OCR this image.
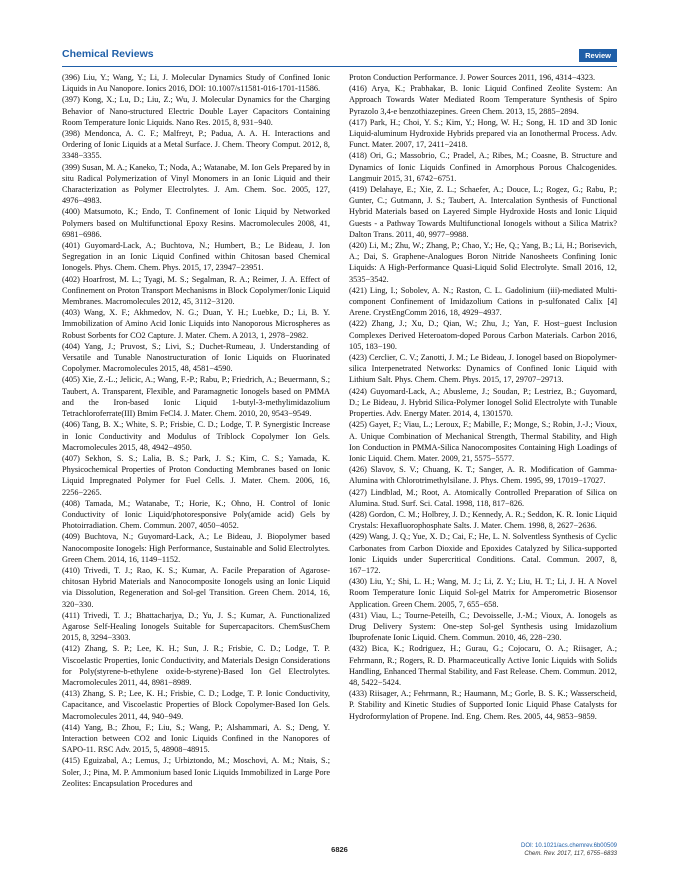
Chemical Reviews	Review

(396) Liu, Y.; Wang, Y.; Li, J. Molecular Dynamics Study of Confined Ionic Liquids in Au Nanopore. Ionics 2016, DOI: 10.1007/s11581-016-1701-11586.

(397) Kong, X.; Lu, D.; Liu, Z.; Wu, J. Molecular Dynamics for the Charging Behavior of Nano-structured Electric Double Layer Capacitors Containing Room Temperature Ionic Liquids. Nano Res. 2015, 8, 931−940.

(398) Mendonca, A. C. F.; Malfreyt, P.; Padua, A. A. H. Interactions and Ordering of Ionic Liquids at a Metal Surface. J. Chem. Theory Comput. 2012, 8, 3348−3355.

(399) Susan, M. A.; Kaneko, T.; Noda, A.; Watanabe, M. Ion Gels Prepared by in situ Radical Polymerization of Vinyl Monomers in an Ionic Liquid and their Characterization as Polymer Electrolytes. J. Am. Chem. Soc. 2005, 127, 4976−4983.

(400) Matsumoto, K.; Endo, T. Confinement of Ionic Liquid by Networked Polymers based on Multifunctional Epoxy Resins. Macromolecules 2008, 41, 6981−6986.

(401) Guyomard-Lack, A.; Buchtova, N.; Humbert, B.; Le Bideau, J. Ion Segregation in an Ionic Liquid Confined within Chitosan based Chemical Ionogels. Phys. Chem. Chem. Phys. 2015, 17, 23947−23951.

(402) Hoarfrost, M. L.; Tyagi, M. S.; Segalman, R. A.; Reimer, J. A. Effect of Confinement on Proton Transport Mechanisms in Block Copolymer/Ionic Liquid Membranes. Macromolecules 2012, 45, 3112−3120.

(403) Wang, X. F.; Akhmedov, N. G.; Duan, Y. H.; Luebke, D.; Li, B. Y. Immobilization of Amino Acid Ionic Liquids into Nanoporous Microspheres as Robust Sorbents for CO2 Capture. J. Mater. Chem. A 2013, 1, 2978−2982.

(404) Yang, J.; Pruvost, S.; Livi, S.; Duchet-Rumeau, J. Understanding of Versatile and Tunable Nanostructuration of Ionic Liquids on Fluorinated Copolymer. Macromolecules 2015, 48, 4581−4590.

(405) Xie, Z.-L.; Jelicic, A.; Wang, F.-P.; Rabu, P.; Friedrich, A.; Beuermann, S.; Taubert, A. Transparent, Flexible, and Paramagnetic Ionogels based on PMMA and the Iron-based Ionic Liquid 1-butyl-3-methylimidazolium Tetrachloroferrate(III) Bmim FeCl4. J. Mater. Chem. 2010, 20, 9543−9549.

(406) Tang, B. X.; White, S. P.; Frisbie, C. D.; Lodge, T. P. Synergistic Increase in Ionic Conductivity and Modulus of Triblock Copolymer Ion Gels. Macromolecules 2015, 48, 4942−4950.

(407) Sekhon, S. S.; Lalia, B. S.; Park, J. S.; Kim, C. S.; Yamada, K. Physicochemical Properties of Proton Conducting Membranes based on Ionic Liquid Impregnated Polymer for Fuel Cells. J. Mater. Chem. 2006, 16, 2256−2265.

(408) Tamada, M.; Watanabe, T.; Horie, K.; Ohno, H. Control of Ionic Conductivity of Ionic Liquid/photoresponsive Poly(amide acid) Gels by Photoirradiation. Chem. Commun. 2007, 4050−4052.

(409) Buchtova, N.; Guyomard-Lack, A.; Le Bideau, J. Biopolymer based Nanocomposite Ionogels: High Performance, Sustainable and Solid Electrolytes. Green Chem. 2014, 16, 1149−1152.

(410) Trivedi, T. J.; Rao, K. S.; Kumar, A. Facile Preparation of Agarose-chitosan Hybrid Materials and Nanocomposite Ionogels using an Ionic Liquid via Dissolution, Regeneration and Sol-gel Transition. Green Chem. 2014, 16, 320−330.

(411) Trivedi, T. J.; Bhattacharjya, D.; Yu, J. S.; Kumar, A. Functionalized Agarose Self-Healing Ionogels Suitable for Supercapacitors. ChemSusChem 2015, 8, 3294−3303.

(412) Zhang, S. P.; Lee, K. H.; Sun, J. R.; Frisbie, C. D.; Lodge, T. P. Viscoelastic Properties, Ionic Conductivity, and Materials Design Considerations for Poly(styrene-b-ethylene oxide-b-styrene)-Based Ion Gel Electrolytes. Macromolecules 2011, 44, 8981−8989.

(413) Zhang, S. P.; Lee, K. H.; Frisbie, C. D.; Lodge, T. P. Ionic Conductivity, Capacitance, and Viscoelastic Properties of Block Copolymer-Based Ion Gels. Macromolecules 2011, 44, 940−949.

(414) Yang, B.; Zhou, F.; Liu, S.; Wang, P.; Alshammari, A. S.; Deng, Y. Interaction between CO2 and Ionic Liquids Confined in the Nanopores of SAPO-11. RSC Adv. 2015, 5, 48908−48915.

(415) Eguizabal, A.; Lemus, J.; Urbiztondo, M.; Moschovi, A. M.; Ntais, S.; Soler, J.; Pina, M. P. Ammonium based Ionic Liquids Immobilized in Large Pore Zeolites: Encapsulation Procedures and

Proton Conduction Performance. J. Power Sources 2011, 196, 4314−4323.

(416) Arya, K.; Prabhakar, B. Ionic Liquid Confined Zeolite System: An Approach Towards Water Mediated Room Temperature Synthesis of Spiro Pyrazolo 3,4-e benzothiazepines. Green Chem. 2013, 15, 2885−2894.

(417) Park, H.; Choi, Y. S.; Kim, Y.; Hong, W. H.; Song, H. 1D and 3D Ionic Liquid-aluminum Hydroxide Hybrids prepared via an Ionothermal Process. Adv. Funct. Mater. 2007, 17, 2411−2418.

(418) Ori, G.; Massobrio, C.; Pradel, A.; Ribes, M.; Coasne, B. Structure and Dynamics of Ionic Liquids Confined in Amorphous Porous Chalcogenides. Langmuir 2015, 31, 6742−6751.

(419) Delahaye, E.; Xie, Z. L.; Schaefer, A.; Douce, L.; Rogez, G.; Rabu, P.; Gunter, C.; Gutmann, J. S.; Taubert, A. Intercalation Synthesis of Functional Hybrid Materials based on Layered Simple Hydroxide Hosts and Ionic Liquid Guests - a Pathway Towards Multifunctional Ionogels without a Silica Matrix? Dalton Trans. 2011, 40, 9977−9988.

(420) Li, M.; Zhu, W.; Zhang, P.; Chao, Y.; He, Q.; Yang, B.; Li, H.; Borisevich, A.; Dai, S. Graphene-Analogues Boron Nitride Nanosheets Confining Ionic Liquids: A High-Performance Quasi-Liquid Solid Electrolyte. Small 2016, 12, 3535−3542.

(421) Ling, I.; Sobolev, A. N.; Raston, C. L. Gadolinium (iii)-mediated Multi-component Confinement of Imidazolium Cations in p-sulfonated Calix [4] Arene. CrystEngComm 2016, 18, 4929−4937.

(422) Zhang, J.; Xu, D.; Qian, W.; Zhu, J.; Yan, F. Host−guest Inclusion Complexes Derived Heteroatom-doped Porous Carbon Materials. Carbon 2016, 105, 183−190.

(423) Cerclier, C. V.; Zanotti, J. M.; Le Bideau, J. Ionogel based on Biopolymer-silica Interpenetrated Networks: Dynamics of Confined Ionic Liquid with Lithium Salt. Phys. Chem. Chem. Phys. 2015, 17, 29707−29713.

(424) Guyomard-Lack, A.; Abusleme, J.; Soudan, P.; Lestriez, B.; Guyomard, D.; Le Bideau, J. Hybrid Silica-Polymer Ionogel Solid Electrolyte with Tunable Properties. Adv. Energy Mater. 2014, 4, 1301570.

(425) Gayet, F.; Viau, L.; Leroux, F.; Mabille, F.; Monge, S.; Robin, J.-J.; Vioux, A. Unique Combination of Mechanical Strength, Thermal Stability, and High Ion Conduction in PMMA-Silica Nanocomposites Containing High Loadings of Ionic Liquid. Chem. Mater. 2009, 21, 5575−5577.

(426) Slavov, S. V.; Chuang, K. T.; Sanger, A. R. Modification of Gamma-Alumina with Chlorotrimethylsilane. J. Phys. Chem. 1995, 99, 17019−17027.

(427) Lindblad, M.; Root, A. Atomically Controlled Preparation of Silica on Alumina. Stud. Surf. Sci. Catal. 1998, 118, 817−826.

(428) Gordon, C. M.; Holbrey, J. D.; Kennedy, A. R.; Seddon, K. R. Ionic Liquid Crystals: Hexafluorophosphate Salts. J. Mater. Chem. 1998, 8, 2627−2636.

(429) Wang, J. Q.; Yue, X. D.; Cai, F.; He, L. N. Solventless Synthesis of Cyclic Carbonates from Carbon Dioxide and Epoxides Catalyzed by Silica-supported Ionic Liquids under Supercritical Conditions. Catal. Commun. 2007, 8, 167−172.

(430) Liu, Y.; Shi, L. H.; Wang, M. J.; Li, Z. Y.; Liu, H. T.; Li, J. H. A Novel Room Temperature Ionic Liquid Sol-gel Matrix for Amperometric Biosensor Application. Green Chem. 2005, 7, 655−658.

(431) Viau, L.; Tourne-Peteilh, C.; Devoisselle, J.-M.; Vioux, A. Ionogels as Drug Delivery System: One-step Sol-gel Synthesis using Imidazolium Ibuprofenate Ionic Liquid. Chem. Commun. 2010, 46, 228−230.

(432) Bica, K.; Rodriguez, H.; Gurau, G.; Cojocaru, O. A.; Riisager, A.; Fehrmann, R.; Rogers, R. D. Pharmaceutically Active Ionic Liquids with Solids Handling, Enhanced Thermal Stability, and Fast Release. Chem. Commun. 2012, 48, 5422−5424.

(433) Riisager, A.; Fehrmann, R.; Haumann, M.; Gorle, B. S. K.; Wasserscheid, P. Stability and Kinetic Studies of Supported Ionic Liquid Phase Catalysts for Hydroformylation of Propene. Ind. Eng. Chem. Res. 2005, 44, 9853−9859.

6826	DOI: 10.1021/acs.chemrev.6b00509
Chem. Rev. 2017, 117, 6755−6833
